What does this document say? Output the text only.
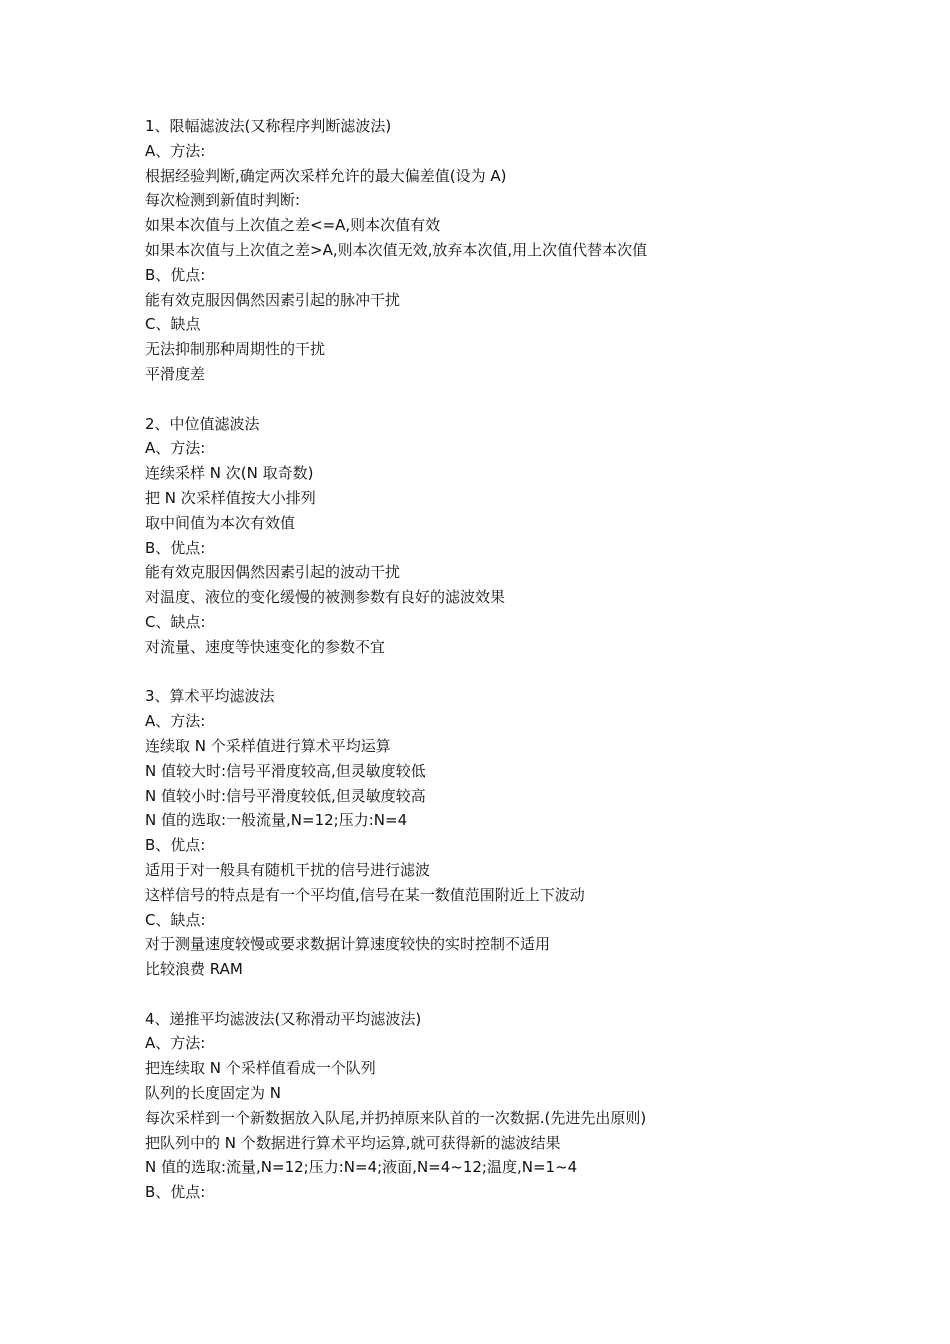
1、限幅滤波法(又称程序判断滤波法)
A、方法:
根据经验判断,确定两次采样允许的最大偏差值(设为 A)
每次检测到新值时判断:
如果本次值与上次值之差<=A,则本次值有效
如果本次值与上次值之差>A,则本次值无效,放弃本次值,用上次值代替本次值
B、优点:
能有效克服因偶然因素引起的脉冲干扰
C、缺点
无法抑制那种周期性的干扰
平滑度差
2、中位值滤波法
A、方法:
连续采样 N 次(N 取奇数)
把 N 次采样值按大小排列
取中间值为本次有效值
B、优点:
能有效克服因偶然因素引起的波动干扰
对温度、液位的变化缓慢的被测参数有良好的滤波效果
C、缺点:
对流量、速度等快速变化的参数不宜
3、算术平均滤波法
A、方法:
连续取 N 个采样值进行算术平均运算
N 值较大时:信号平滑度较高,但灵敏度较低
N 值较小时:信号平滑度较低,但灵敏度较高
N 值的选取:一般流量,N=12;压力:N=4
B、优点:
适用于对一般具有随机干扰的信号进行滤波
这样信号的特点是有一个平均值,信号在某一数值范围附近上下波动
C、缺点:
对于测量速度较慢或要求数据计算速度较快的实时控制不适用
比较浪费 RAM
4、递推平均滤波法(又称滑动平均滤波法)
A、方法:
把连续取 N 个采样值看成一个队列
队列的长度固定为 N
每次采样到一个新数据放入队尾,并扔掉原来队首的一次数据.(先进先出原则)
把队列中的 N 个数据进行算术平均运算,就可获得新的滤波结果
N 值的选取:流量,N=12;压力:N=4;液面,N=4~12;温度,N=1~4
B、优点:
